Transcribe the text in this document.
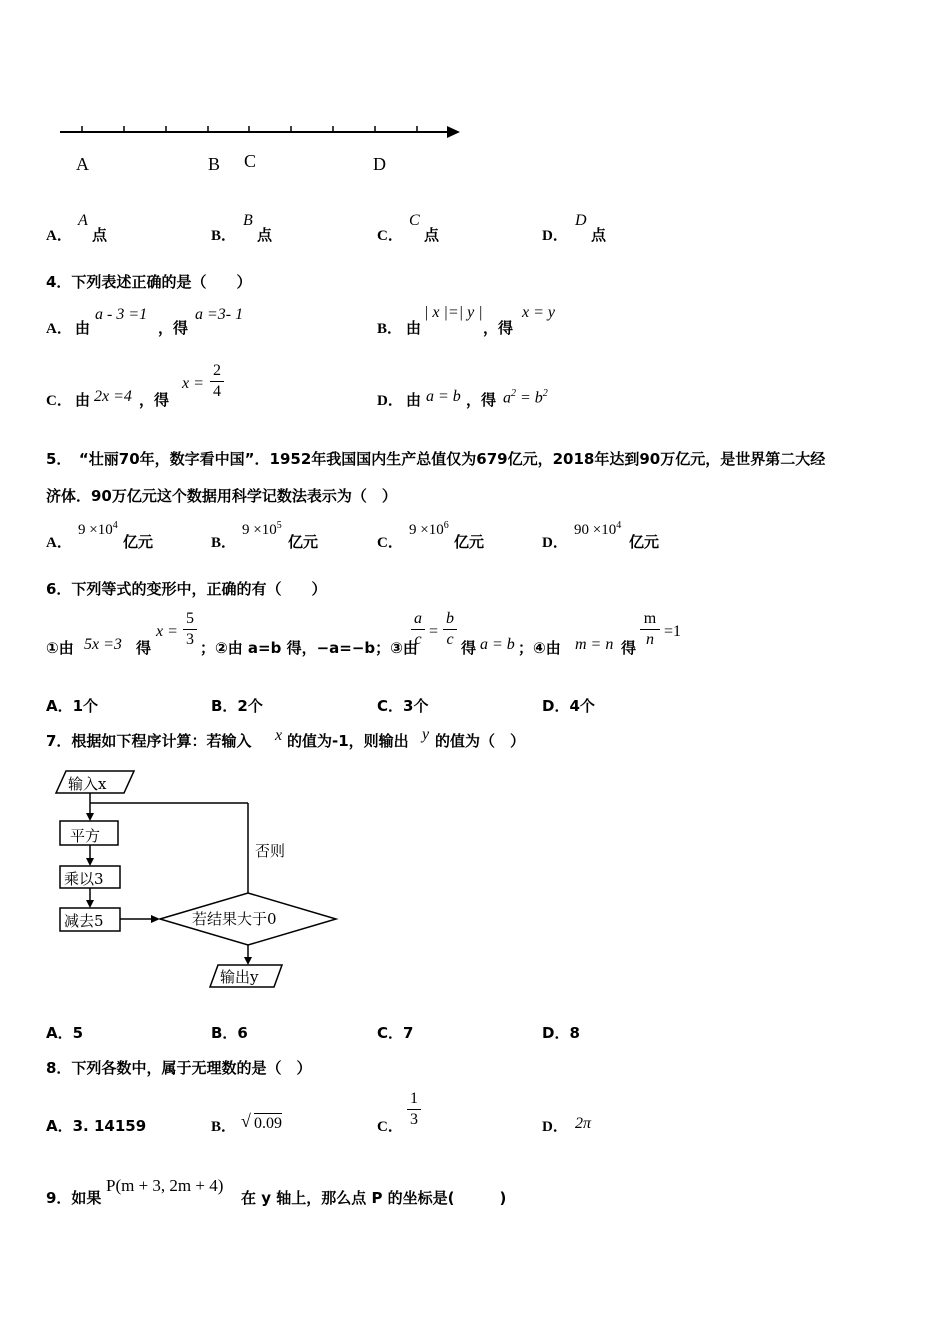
A	B C	D
A．
A
点	B．
B
点	C．
C
点	D．
D
点
4．下列表述正确的是（　　）
A． 由
a - 3 =1
，得
a =3- 1
B． 由
| x |=| y |
，得
x = y
C． 由 2x =4 ，得
x =
2
4
D． 由 a = b ，得 $a^2 = b^2$
5．　“壮丽70年，数字看中国”．1952年我国国内生产总值仅为679亿元，2018年达到90万亿元，是世界第二大经
济体．90万亿元这个数据用科学记数法表示为（　）
A．
$9 \times 10^4$
亿元	B．
$9 \times 10^5$
亿元	C．
$9 \times 10^6$
亿元	D．
$90 \times 10^4$
亿元
6．下列等式的变形中，正确的有（　　）
①由 5x =3 得
x =
5
3 ；②由 a=b 得，−a=−b；③由
a
c =
b
c 得 a = b ；④由 m = n 得
m
n =1
A．1个	B．2个	C．3个	D．4个
7．根据如下程序计算：若输入 x 的值为-1，则输出 y 的值为（　）
输入x
平方
乘以3
减去5	若结果大于0
否则
输出y
A．5	B．6	C．7	D．8
8．下列各数中，属于无理数的是（　）
A．3. 14159	B． √ 0.09	C．
1
3	D． 2π
9．如果
P(m + 3, 2m + 4)
在 y 轴上，那么点 P 的坐标是(　　　)
